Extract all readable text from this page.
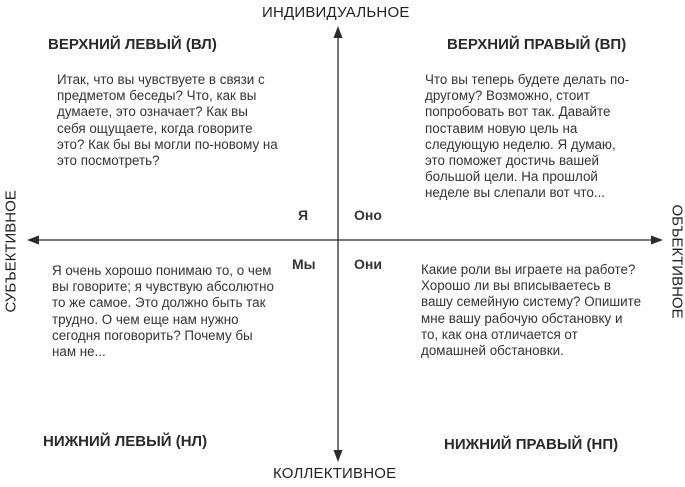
ИНДИВИДУАЛЬНОЕ
КОЛЛЕКТИВНОЕ
СУБЪЕКТИВНОЕ	ОБЪЕКТИВНОЕ
ВЕРХНИЙ ЛЕВЫЙ (ВЛ)	ВЕРХНИЙ ПРАВЫЙ (ВП)
НИЖНИЙ ЛЕВЫЙ (НЛ)	НИЖНИЙ ПРАВЫЙ (НП)
Я	Оно
Мы	Они
Итак, что вы чувствуете в связи с предметом беседы? Что, как вы думаете, это означает? Как вы себя ощущаете, когда говорите это? Как бы вы могли по-новому на это посмотреть?
Что вы теперь будете делать по-другому? Возможно, стоит попробовать вот так. Давайте поставим новую цель на следующую неделю. Я думаю, это поможет достичь вашей большой цели. На прошлой неделе вы слепали вот что...
Я очень хорошо понимаю то, о чем вы говорите; я чувствую абсолютно то же самое. Это должно быть так трудно. О чем еще нам нужно сегодня поговорить? Почему бы нам не...
Какие роли вы играете на работе? Хорошо ли вы вписываетесь в вашу семейную систему? Опишите мне вашу рабочую обстановку и то, как она отличается от домашней обстановки.
